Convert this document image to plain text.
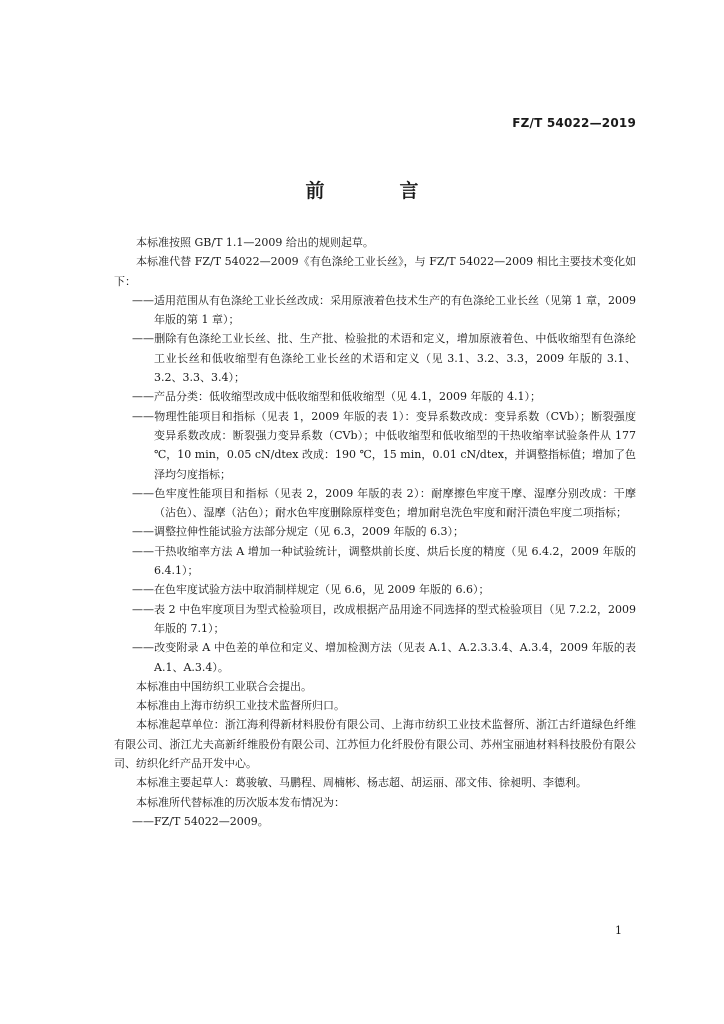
FZ/T 54022—2019
前　言

本标准按照 GB/T 1.1—2009 给出的规则起草。

本标准代替 FZ/T 54022—2009《有色涤纶工业长丝》，与 FZ/T 54022—2009 相比主要技术变化如下：

——适用范围从有色涤纶工业长丝改成：采用原液着色技术生产的有色涤纶工业长丝（见第 1 章，2009 年版的第 1 章）；

——删除有色涤纶工业长丝、批、生产批、检验批的术语和定义，增加原液着色、中低收缩型有色涤纶工业长丝和低收缩型有色涤纶工业长丝的术语和定义（见 3.1、3.2、3.3，2009 年版的 3.1、3.2、3.3、3.4）；

——产品分类：低收缩型改成中低收缩型和低收缩型（见 4.1，2009 年版的 4.1）；

——物理性能项目和指标（见表 1，2009 年版的表 1）：变异系数改成：变异系数（CVb）；断裂强度变异系数改成：断裂强力变异系数（CVb）；中低收缩型和低收缩型的干热收缩率试验条件从 177 ℃，10 min，0.05 cN/dtex 改成：190 ℃，15 min，0.01 cN/dtex，并调整指标值；增加了色泽均匀度指标；

——色牢度性能项目和指标（见表 2，2009 年版的表 2）：耐摩擦色牢度干摩、湿摩分别改成：干摩（沾色）、湿摩（沾色）；耐水色牢度删除原样变色；增加耐皂洗色牢度和耐汗渍色牢度二项指标；

——调整拉伸性能试验方法部分规定（见 6.3，2009 年版的 6.3）；

——干热收缩率方法 A 增加一种试验统计，调整烘前长度、烘后长度的精度（见 6.4.2，2009 年版的 6.4.1）；

——在色牢度试验方法中取消制样规定（见 6.6，见 2009 年版的 6.6）；

——表 2 中色牢度项目为型式检验项目，改成根据产品用途不同选择的型式检验项目（见 7.2.2，2009 年版的 7.1）；

——改变附录 A 中色差的单位和定义、增加检测方法（见表 A.1、A.2.3.3.4、A.3.4，2009 年版的表 A.1、A.3.4）。

本标准由中国纺织工业联合会提出。

本标准由上海市纺织工业技术监督所归口。

本标准起草单位：浙江海利得新材料股份有限公司、上海市纺织工业技术监督所、浙江古纤道绿色纤维有限公司、浙江尤夫高新纤维股份有限公司、江苏恒力化纤股份有限公司、苏州宝丽迪材料科技股份有限公司、纺织化纤产品开发中心。

本标准主要起草人：葛骏敏、马鹏程、周楠彬、杨志超、胡运丽、邵文伟、徐昶明、李德利。

本标准所代替标准的历次版本发布情况为：

——FZ/T 54022—2009。

1
